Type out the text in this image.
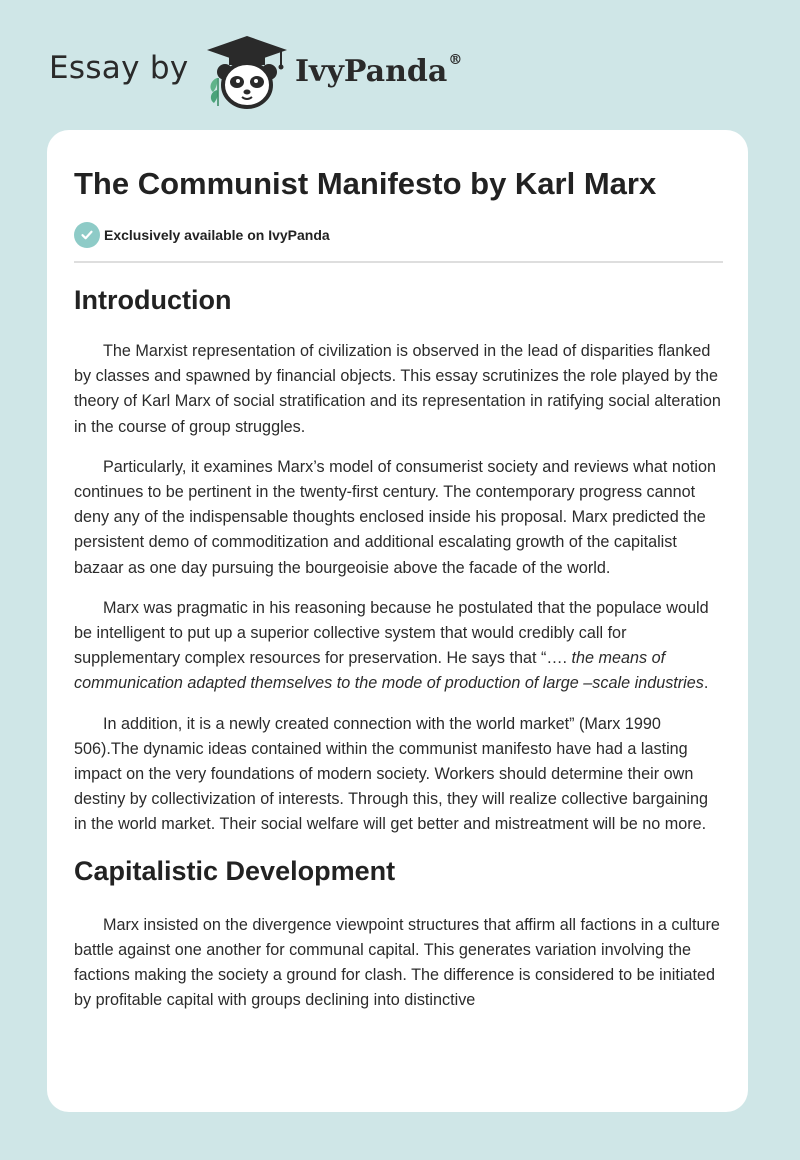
Essay by	IvyPanda®
The Communist Manifesto by Karl Marx
Exclusively available on IvyPanda
Introduction

The Marxist representation of civilization is observed in the lead of disparities flanked by classes and spawned by financial objects. This essay scrutinizes the role played by the theory of Karl Marx of social stratification and its representation in ratifying social alteration in the course of group struggles.

Particularly, it examines Marx’s model of consumerist society and reviews what notion continues to be pertinent in the twenty-first century. The contemporary progress cannot deny any of the indispensable thoughts enclosed inside his proposal. Marx predicted the persistent demo of commoditization and additional escalating growth of the capitalist bazaar as one day pursuing the bourgeoisie above the facade of the world.

Marx was pragmatic in his reasoning because he postulated that the populace would be intelligent to put up a superior collective system that would credibly call for supplementary complex resources for preservation. He says that “…. the means of communication adapted themselves to the mode of production of large –scale industries.

In addition, it is a newly created connection with the world market” (Marx 1990 506).The dynamic ideas contained within the communist manifesto have had a lasting impact on the very foundations of modern society. Workers should determine their own destiny by collectivization of interests. Through this, they will realize collective bargaining in the world market. Their social welfare will get better and mistreatment will be no more.

Capitalistic Development

Marx insisted on the divergence viewpoint structures that affirm all factions in a culture battle against one another for communal capital. This generates variation involving the factions making the society a ground for clash. The difference is considered to be initiated by profitable capital with groups declining into distinctive
